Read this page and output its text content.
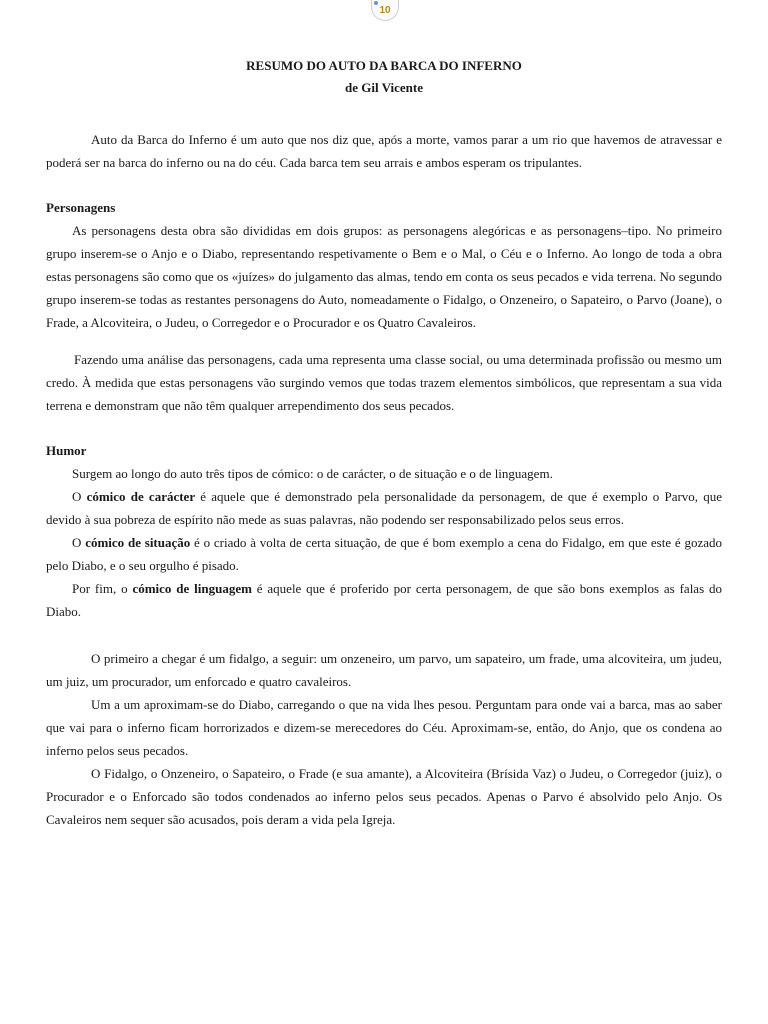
10
RESUMO DO AUTO DA BARCA DO INFERNO
de Gil Vicente

Auto da Barca do Inferno é um auto que nos diz que, após a morte, vamos parar a um rio que havemos de atravessar e poderá ser na barca do inferno ou na do céu. Cada barca tem seu arrais e ambos esperam os tripulantes.

Personagens

As personagens desta obra são divididas em dois grupos: as personagens alegóricas e as personagens–tipo. No primeiro grupo inserem-se o Anjo e o Diabo, representando respetivamente o Bem e o Mal, o Céu e o Inferno. Ao longo de toda a obra estas personagens são como que os «juízes» do julgamento das almas, tendo em conta os seus pecados e vida terrena. No segundo grupo inserem-se todas as restantes personagens do Auto, nomeadamente o Fidalgo, o Onzeneiro, o Sapateiro, o Parvo (Joane), o Frade, a Alcoviteira, o Judeu, o Corregedor e o Procurador e os Quatro Cavaleiros.

Fazendo uma análise das personagens, cada uma representa uma classe social, ou uma determinada profissão ou mesmo um credo. À medida que estas personagens vão surgindo vemos que todas trazem elementos simbólicos, que representam a sua vida terrena e demonstram que não têm qualquer arrependimento dos seus pecados.

Humor

Surgem ao longo do auto três tipos de cómico: o de carácter, o de situação e o de linguagem.

O cómico de carácter é aquele que é demonstrado pela personalidade da personagem, de que é exemplo o Parvo, que devido à sua pobreza de espírito não mede as suas palavras, não podendo ser responsabilizado pelos seus erros.

O cómico de situação é o criado à volta de certa situação, de que é bom exemplo a cena do Fidalgo, em que este é gozado pelo Diabo, e o seu orgulho é pisado.

Por fim, o cómico de linguagem é aquele que é proferido por certa personagem, de que são bons exemplos as falas do Diabo.

O primeiro a chegar é um fidalgo, a seguir: um onzeneiro, um parvo, um sapateiro, um frade, uma alcoviteira, um judeu, um juiz, um procurador, um enforcado e quatro cavaleiros.

Um a um aproximam-se do Diabo, carregando o que na vida lhes pesou. Perguntam para onde vai a barca, mas ao saber que vai para o inferno ficam horrorizados e dizem-se merecedores do Céu. Aproximam-se, então, do Anjo, que os condena ao inferno pelos seus pecados.

O Fidalgo, o Onzeneiro, o Sapateiro, o Frade (e sua amante), a Alcoviteira (Brísida Vaz) o Judeu, o Corregedor (juiz), o Procurador e o Enforcado são todos condenados ao inferno pelos seus pecados. Apenas o Parvo é absolvido pelo Anjo. Os Cavaleiros nem sequer são acusados, pois deram a vida pela Igreja.
